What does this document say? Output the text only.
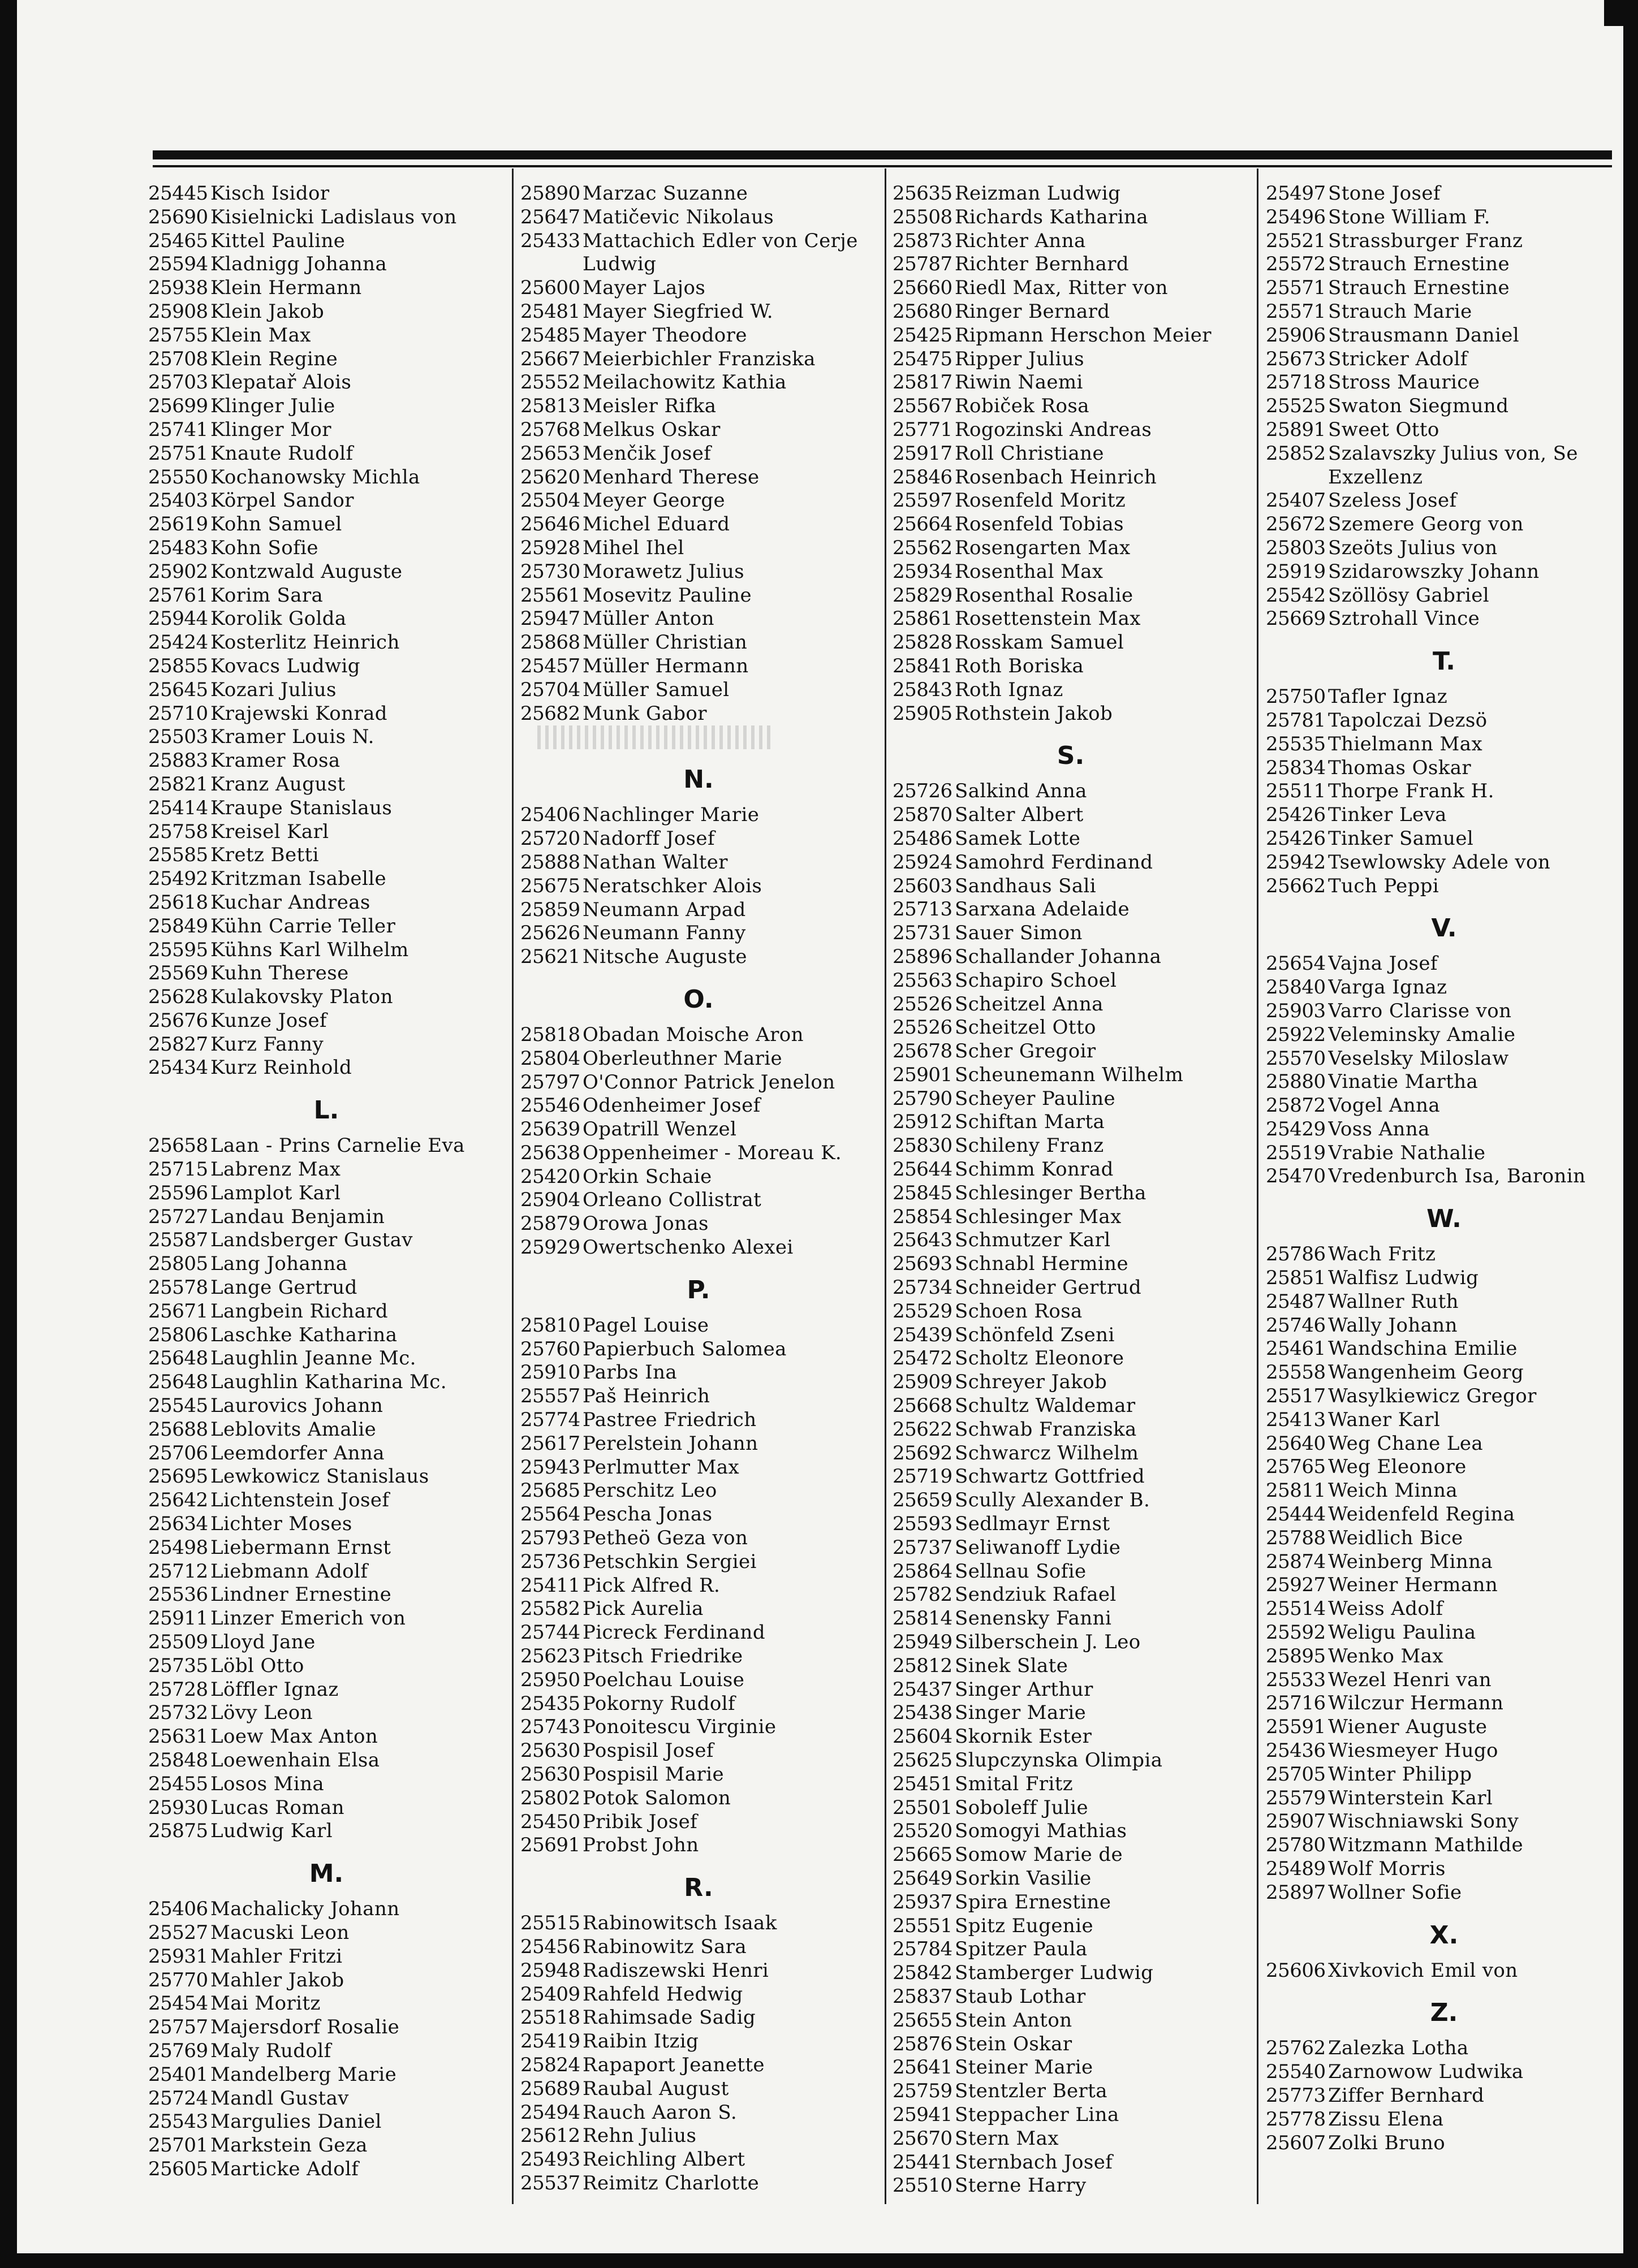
25445 Kisch Isidor
25690 Kisielnicki Ladislaus von
25465 Kittel Pauline
25594 Kladnigg Johanna
25938 Klein Hermann
25908 Klein Jakob
25755 Klein Max
25708 Klein Regine
25703 Klepatař Alois
25699 Klinger Julie
25741 Klinger Mor
25751 Knaute Rudolf
25550 Kochanowsky Michla
25403 Körpel Sandor
25619 Kohn Samuel
25483 Kohn Sofie
25902 Kontzwald Auguste
25761 Korim Sara
25944 Korolik Golda
25424 Kosterlitz Heinrich
25855 Kovacs Ludwig
25645 Kozari Julius
25710 Krajewski Konrad
25503 Kramer Louis N.
25883 Kramer Rosa
25821 Kranz August
25414 Kraupe Stanislaus
25758 Kreisel Karl
25585 Kretz Betti
25492 Kritzman Isabelle
25618 Kuchar Andreas
25849 Kühn Carrie Teller
25595 Kühns Karl Wilhelm
25569 Kuhn Therese
25628 Kulakovsky Platon
25676 Kunze Josef
25827 Kurz Fanny
25434 Kurz Reinhold
L.
25658 Laan - Prins Carnelie Eva
25715 Labrenz Max
25596 Lamplot Karl
25727 Landau Benjamin
25587 Landsberger Gustav
25805 Lang Johanna
25578 Lange Gertrud
25671 Langbein Richard
25806 Laschke Katharina
25648 Laughlin Jeanne Mc.
25648 Laughlin Katharina Mc.
25545 Laurovics Johann
25688 Leblovits Amalie
25706 Leemdorfer Anna
25695 Lewkowicz Stanislaus
25642 Lichtenstein Josef
25634 Lichter Moses
25498 Liebermann Ernst
25712 Liebmann Adolf
25536 Lindner Ernestine
25911 Linzer Emerich von
25509 Lloyd Jane
25735 Löbl Otto
25728 Löffler Ignaz
25732 Lövy Leon
25631 Loew Max Anton
25848 Loewenhain Elsa
25455 Losos Mina
25930 Lucas Roman
25875 Ludwig Karl
M.
25406 Machalicky Johann
25527 Macuski Leon
25931 Mahler Fritzi
25770 Mahler Jakob
25454 Mai Moritz
25757 Majersdorf Rosalie
25769 Maly Rudolf
25401 Mandelberg Marie
25724 Mandl Gustav
25543 Margulies Daniel
25701 Markstein Geza
25605 Marticke Adolf
25890 Marzac Suzanne
25647 Matičevic Nikolaus
25433 Mattachich Edler von Cerje Ludwig
25600 Mayer Lajos
25481 Mayer Siegfried W.
25485 Mayer Theodore
25667 Meierbichler Franziska
25552 Meilachowitz Kathia
25813 Meisler Rifka
25768 Melkus Oskar
25653 Menčik Josef
25620 Menhard Therese
25504 Meyer George
25646 Michel Eduard
25928 Mihel Ihel
25730 Morawetz Julius
25561 Mosevitz Pauline
25947 Müller Anton
25868 Müller Christian
25457 Müller Hermann
25704 Müller Samuel
25682 Munk Gabor
N.
25406 Nachlinger Marie
25720 Nadorff Josef
25888 Nathan Walter
25675 Neratschker Alois
25859 Neumann Arpad
25626 Neumann Fanny
25621 Nitsche Auguste
O.
25818 Obadan Moische Aron
25804 Oberleuthner Marie
25797 O'Connor Patrick Jenelon
25546 Odenheimer Josef
25639 Opatrill Wenzel
25638 Oppenheimer - Moreau K.
25420 Orkin Schaie
25904 Orleano Collistrat
25879 Orowa Jonas
25929 Owertschenko Alexei
P.
25810 Pagel Louise
25760 Papierbuch Salomea
25910 Parbs Ina
25557 Paš Heinrich
25774 Pastree Friedrich
25617 Perelstein Johann
25943 Perlmutter Max
25685 Perschitz Leo
25564 Pescha Jonas
25793 Petheö Geza von
25736 Petschkin Sergiei
25411 Pick Alfred R.
25582 Pick Aurelia
25744 Picreck Ferdinand
25623 Pitsch Friedrike
25950 Poelchau Louise
25435 Pokorny Rudolf
25743 Ponoitescu Virginie
25630 Pospisil Josef
25630 Pospisil Marie
25802 Potok Salomon
25450 Pribik Josef
25691 Probst John
R.
25515 Rabinowitsch Isaak
25456 Rabinowitz Sara
25948 Radiszewski Henri
25409 Rahfeld Hedwig
25518 Rahimsade Sadig
25419 Raibin Itzig
25824 Rapaport Jeanette
25689 Raubal August
25494 Rauch Aaron S.
25612 Rehn Julius
25493 Reichling Albert
25537 Reimitz Charlotte
25635 Reizman Ludwig
25508 Richards Katharina
25873 Richter Anna
25787 Richter Bernhard
25660 Riedl Max, Ritter von
25680 Ringer Bernard
25425 Ripmann Herschon Meier
25475 Ripper Julius
25817 Riwin Naemi
25567 Robiček Rosa
25771 Rogozinski Andreas
25917 Roll Christiane
25846 Rosenbach Heinrich
25597 Rosenfeld Moritz
25664 Rosenfeld Tobias
25562 Rosengarten Max
25934 Rosenthal Max
25829 Rosenthal Rosalie
25861 Rosettenstein Max
25828 Rosskam Samuel
25841 Roth Boriska
25843 Roth Ignaz
25905 Rothstein Jakob
S.
25726 Salkind Anna
25870 Salter Albert
25486 Samek Lotte
25924 Samohrd Ferdinand
25603 Sandhaus Sali
25713 Sarxana Adelaide
25731 Sauer Simon
25896 Schallander Johanna
25563 Schapiro Schoel
25526 Scheitzel Anna
25526 Scheitzel Otto
25678 Scher Gregoir
25901 Scheunemann Wilhelm
25790 Scheyer Pauline
25912 Schiftan Marta
25830 Schileny Franz
25644 Schimm Konrad
25845 Schlesinger Bertha
25854 Schlesinger Max
25643 Schmutzer Karl
25693 Schnabl Hermine
25734 Schneider Gertrud
25529 Schoen Rosa
25439 Schönfeld Zseni
25472 Scholtz Eleonore
25909 Schreyer Jakob
25668 Schultz Waldemar
25622 Schwab Franziska
25692 Schwarcz Wilhelm
25719 Schwartz Gottfried
25659 Scully Alexander B.
25593 Sedlmayr Ernst
25737 Seliwanoff Lydie
25864 Sellnau Sofie
25782 Sendziuk Rafael
25814 Senensky Fanni
25949 Silberschein J. Leo
25812 Sinek Slate
25437 Singer Arthur
25438 Singer Marie
25604 Skornik Ester
25625 Slupczynska Olimpia
25451 Smital Fritz
25501 Soboleff Julie
25520 Somogyi Mathias
25665 Somow Marie de
25649 Sorkin Vasilie
25937 Spira Ernestine
25551 Spitz Eugenie
25784 Spitzer Paula
25842 Stamberger Ludwig
25837 Staub Lothar
25655 Stein Anton
25876 Stein Oskar
25641 Steiner Marie
25759 Stentzler Berta
25941 Steppacher Lina
25670 Stern Max
25441 Sternbach Josef
25510 Sterne Harry
25497 Stone Josef
25496 Stone William F.
25521 Strassburger Franz
25572 Strauch Ernestine
25571 Strauch Ernestine
25571 Strauch Marie
25906 Strausmann Daniel
25673 Stricker Adolf
25718 Stross Maurice
25525 Swaton Siegmund
25891 Sweet Otto
25852 Szalavszky Julius von, Se Exzellenz
25407 Szeless Josef
25672 Szemere Georg von
25803 Szeöts Julius von
25919 Szidarowszky Johann
25542 Szöllösy Gabriel
25669 Sztrohall Vince
T.
25750 Tafler Ignaz
25781 Tapolczai Dezsö
25535 Thielmann Max
25834 Thomas Oskar
25511 Thorpe Frank H.
25426 Tinker Leva
25426 Tinker Samuel
25942 Tsewlowsky Adele von
25662 Tuch Peppi
V.
25654 Vajna Josef
25840 Varga Ignaz
25903 Varro Clarisse von
25922 Veleminsky Amalie
25570 Veselsky Miloslaw
25880 Vinatie Martha
25872 Vogel Anna
25429 Voss Anna
25519 Vrabie Nathalie
25470 Vredenburch Isa, Baronin
W.
25786 Wach Fritz
25851 Walfisz Ludwig
25487 Wallner Ruth
25746 Wally Johann
25461 Wandschina Emilie
25558 Wangenheim Georg
25517 Wasylkiewicz Gregor
25413 Waner Karl
25640 Weg Chane Lea
25765 Weg Eleonore
25811 Weich Minna
25444 Weidenfeld Regina
25788 Weidlich Bice
25874 Weinberg Minna
25927 Weiner Hermann
25514 Weiss Adolf
25592 Weligu Paulina
25895 Wenko Max
25533 Wezel Henri van
25716 Wilczur Hermann
25591 Wiener Auguste
25436 Wiesmeyer Hugo
25705 Winter Philipp
25579 Winterstein Karl
25907 Wischniawski Sony
25780 Witzmann Mathilde
25489 Wolf Morris
25897 Wollner Sofie
X.
25606 Xivkovich Emil von
Z.
25762 Zalezka Lotha
25540 Zarnowow Ludwika
25773 Ziffer Bernhard
25778 Zissu Elena
25607 Zolki Bruno
